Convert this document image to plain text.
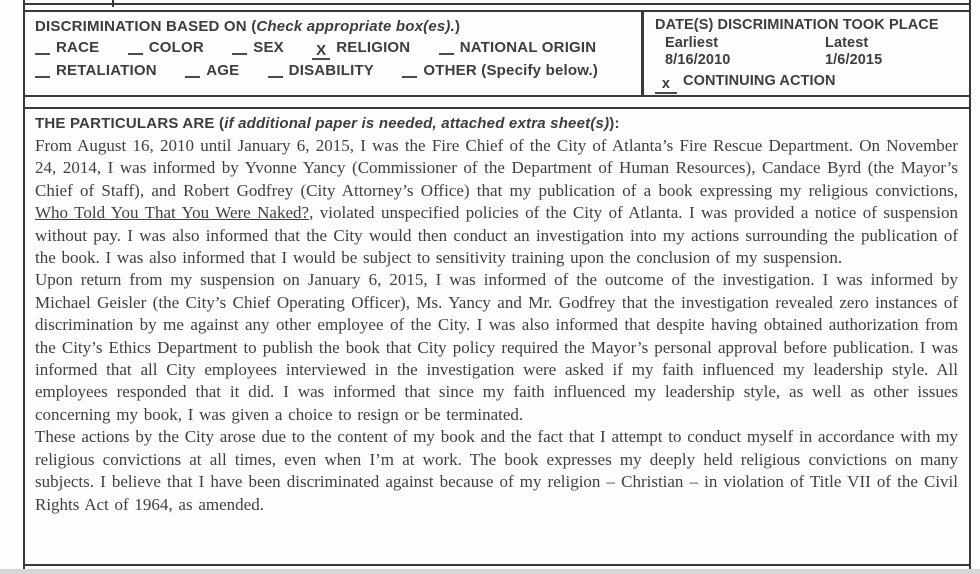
DISCRIMINATION BASED ON (Check appropriate box(es).)
RACE	COLOR	SEX X RELIGION	NATIONAL ORIGIN
RETALIATION	AGE	DISABILITY	OTHER (Specify below.)
DATE(S) DISCRIMINATION TOOK PLACE
Earliest	Latest
8/16/2010	1/6/2015
x CONTINUING ACTION
THE PARTICULARS ARE (if additional paper is needed, attached extra sheet(s)):

From August 16, 2010 until January 6, 2015, I was the Fire Chief of the City of Atlanta’s Fire Rescue Department. On November 24, 2014, I was informed by Yvonne Yancy (Commissioner of the Department of Human Resources), Candace Byrd (the Mayor’s Chief of Staff), and Robert Godfrey (City Attorney’s Office) that my publication of a book expressing my religious convictions, Who Told You That You Were Naked?, violated unspecified policies of the City of Atlanta. I was provided a notice of suspension without pay. I was also informed that the City would then conduct an investigation into my actions surrounding the publication of the book. I was also informed that I would be subject to sensitivity training upon the conclusion of my suspension.

Upon return from my suspension on January 6, 2015, I was informed of the outcome of the investigation. I was informed by Michael Geisler (the City’s Chief Operating Officer), Ms. Yancy and Mr. Godfrey that the investigation revealed zero instances of discrimination by me against any other employee of the City. I was also informed that despite having obtained authorization from the City’s Ethics Department to publish the book that City policy required the Mayor’s personal approval before publication. I was informed that all City employees interviewed in the investigation were asked if my faith influenced my leadership style. All employees responded that it did. I was informed that since my faith influenced my leadership style, as well as other issues concerning my book, I was given a choice to resign or be terminated.

These actions by the City arose due to the content of my book and the fact that I attempt to conduct myself in accordance with my religious convictions at all times, even when I’m at work. The book expresses my deeply held religious convictions on many subjects. I believe that I have been discriminated against because of my religion – Christian – in violation of Title VII of the Civil Rights Act of 1964, as amended.
